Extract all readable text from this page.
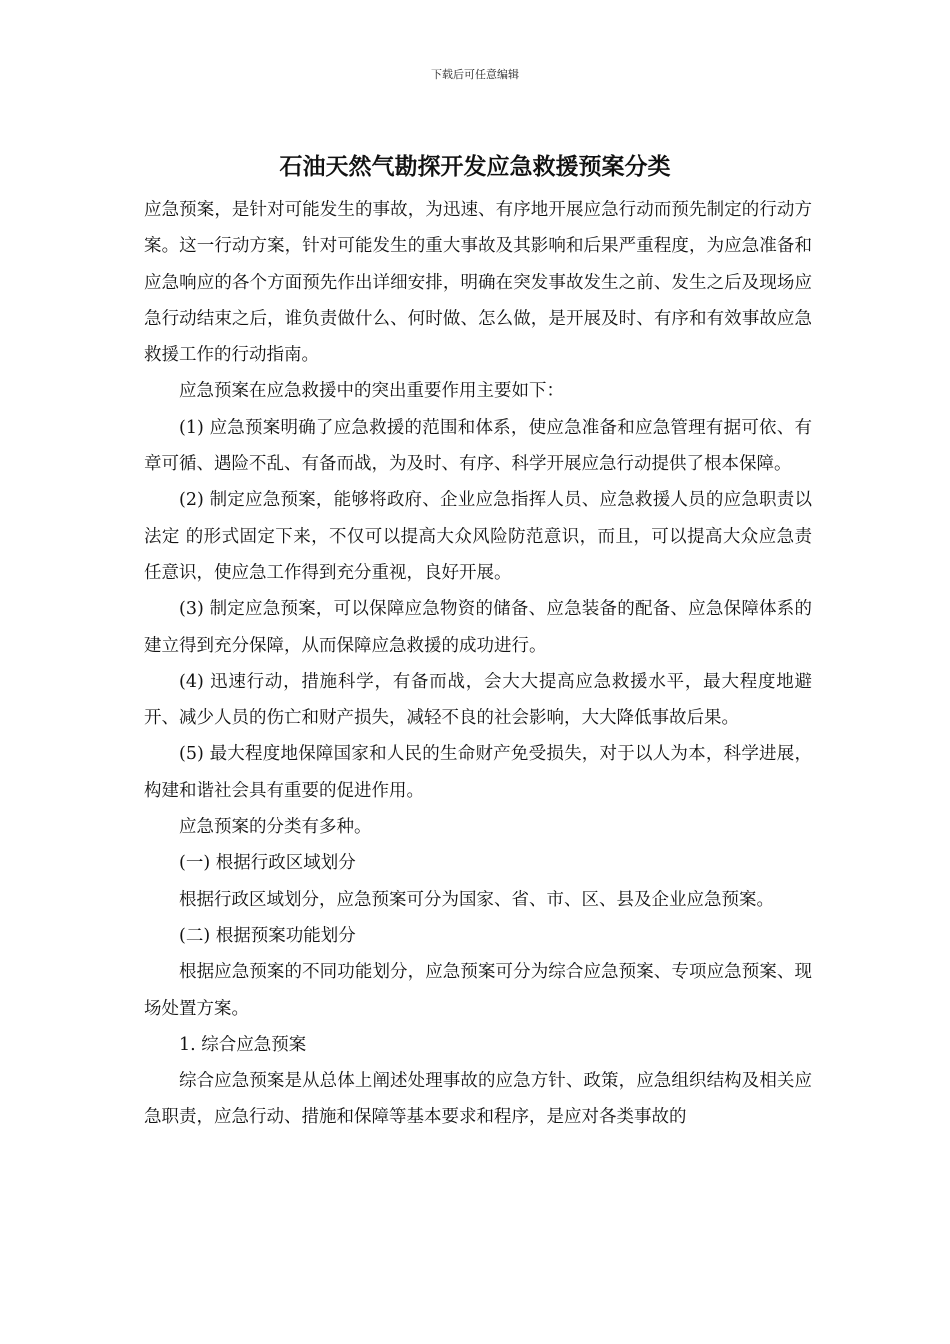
下载后可任意编辑
石油天然气勘探开发应急救援预案分类

应急预案，是针对可能发生的事故，为迅速、有序地开展应急行动而预先制定的行动方案。这一行动方案，针对可能发生的重大事故及其影响和后果严重程度，为应急准备和应急响应的各个方面预先作出详细安排，明确在突发事故发生之前、发生之后及现场应急行动结束之后，谁负责做什么、何时做、怎么做，是开展及时、有序和有效事故应急救援工作的行动指南。

应急预案在应急救援中的突出重要作用主要如下：

(1) 应急预案明确了应急救援的范围和体系，使应急准备和应急管理有据可依、有章可循、遇险不乱、有备而战，为及时、有序、科学开展应急行动提供了根本保障。

(2) 制定应急预案，能够将政府、企业应急指挥人员、应急救援人员的应急职责以 法定 的形式固定下来，不仅可以提高大众风险防范意识，而且，可以提高大众应急责任意识，使应急工作得到充分重视，良好开展。

(3) 制定应急预案，可以保障应急物资的储备、应急装备的配备、应急保障体系的建立得到充分保障，从而保障应急救援的成功进行。

(4) 迅速行动，措施科学，有备而战，会大大提高应急救援水平，最大程度地避开、减少人员的伤亡和财产损失，减轻不良的社会影响，大大降低事故后果。

(5) 最大程度地保障国家和人民的生命财产免受损失，对于以人为本，科学进展，构建和谐社会具有重要的促进作用。

应急预案的分类有多种。

(一) 根据行政区域划分

根据行政区域划分，应急预案可分为国家、省、市、区、县及企业应急预案。

(二) 根据预案功能划分

根据应急预案的不同功能划分，应急预案可分为综合应急预案、专项应急预案、现场处置方案。

1. 综合应急预案

综合应急预案是从总体上阐述处理事故的应急方针、政策，应急组织结构及相关应急职责，应急行动、措施和保障等基本要求和程序，是应对各类事故的
